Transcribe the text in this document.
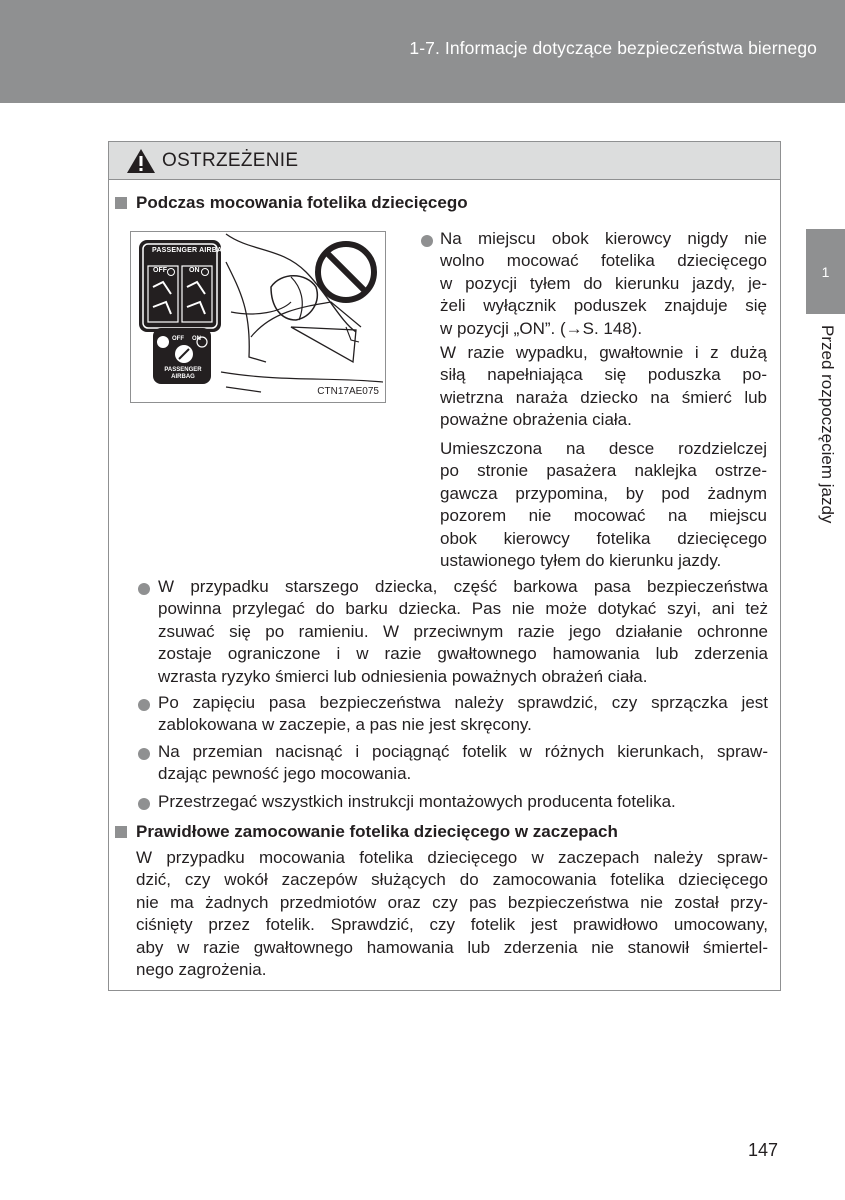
1-7. Informacje dotyczące bezpieczeństwa biernego
1
Przed rozpoczęciem jazdy
OSTRZEŻENIE
Podczas mocowania fotelika dziecięcego
PASSENGER AIRBAG
OFF	ON
OFF ON
PASSENGER AIRBAG
CTN17AE075
Na miejscu obok kierowcy nigdy nie
wolno mocować fotelika dziecięcego
w pozycji tyłem do kierunku jazdy, je-
żeli wyłącznik poduszek znajduje się
w pozycji „ON”. (→S. 148).
W razie wypadku, gwałtownie i z dużą
siłą napełniająca się poduszka po-
wietrzna naraża dziecko na śmierć lub
poważne obrażenia ciała.
Umieszczona na desce rozdzielczej
po stronie pasażera naklejka ostrze-
gawcza przypomina, by pod żadnym
pozorem nie mocować na miejscu
obok kierowcy fotelika dziecięcego
ustawionego tyłem do kierunku jazdy.
W przypadku starszego dziecka, część barkowa pasa bezpieczeństwa
powinna przylegać do barku dziecka. Pas nie może dotykać szyi, ani też
zsuwać się po ramieniu. W przeciwnym razie jego działanie ochronne
zostaje ograniczone i w razie gwałtownego hamowania lub zderzenia
wzrasta ryzyko śmierci lub odniesienia poważnych obrażeń ciała.
Po zapięciu pasa bezpieczeństwa należy sprawdzić, czy sprzączka jest
zablokowana w zaczepie, a pas nie jest skręcony.
Na przemian nacisnąć i pociągnąć fotelik w różnych kierunkach, spraw-
dzając pewność jego mocowania.
Przestrzegać wszystkich instrukcji montażowych producenta fotelika.
Prawidłowe zamocowanie fotelika dziecięcego w zaczepach
W przypadku mocowania fotelika dziecięcego w zaczepach należy spraw-
dzić, czy wokół zaczepów służących do zamocowania fotelika dziecięcego
nie ma żadnych przedmiotów oraz czy pas bezpieczeństwa nie został przy-
ciśnięty przez fotelik. Sprawdzić, czy fotelik jest prawidłowo umocowany,
aby w razie gwałtownego hamowania lub zderzenia nie stanowił śmiertel-
nego zagrożenia.
147
